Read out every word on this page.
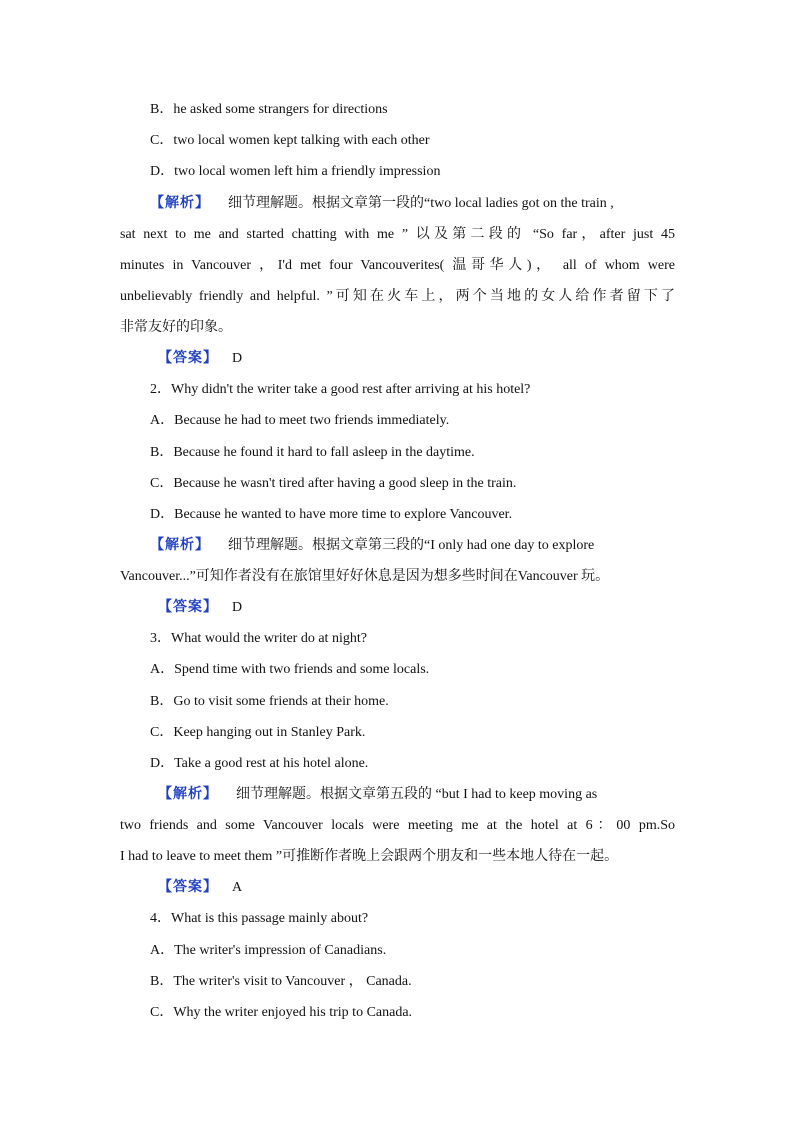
B．he asked some strangers for directions
C．two local women kept talking with each other
D．two local women left him a friendly impression
【解析】 细节理解题。根据文章第一段的“two local ladies got on the train ,
sat next to me and started chatting with me ” 以及第二段的 “So far，after just 45
minutes in Vancouver ，I'd met four Vancouverites( 温哥华人)， all of whom were
unbelievably friendly and helpful. ”可知在火车上，两个当地的女人给作者留下了
非常友好的印象。
【答案】 D
2．Why didn't the writer take a good rest after arriving at his hotel?
A．Because he had to meet two friends immediately.
B．Because he found it hard to fall asleep in the daytime.
C．Because he wasn't tired after having a good sleep in the train.
D．Because he wanted to have more time to explore Vancouver.
【解析】 细节理解题。根据文章第三段的“I only had one day to explore
Vancouver...”可知作者没有在旅馆里好好休息是因为想多些时间在Vancouver 玩。
【答案】 D
3．What would the writer do at night?
A．Spend time with two friends and some locals.
B．Go to visit some friends at their home.
C．Keep hanging out in Stanley Park.
D．Take a good rest at his hotel alone.
【解析】 细节理解题。根据文章第五段的 “but I had to keep moving as
two friends and some Vancouver locals were meeting me at the hotel at 6：00 pm.So
I had to leave to meet them ”可推断作者晚上会跟两个朋友和一些本地人待在一起。
【答案】 A
4．What is this passage mainly about?
A．The writer's impression of Canadians.
B．The writer's visit to Vancouver ， Canada.
C．Why the writer enjoyed his trip to Canada.
